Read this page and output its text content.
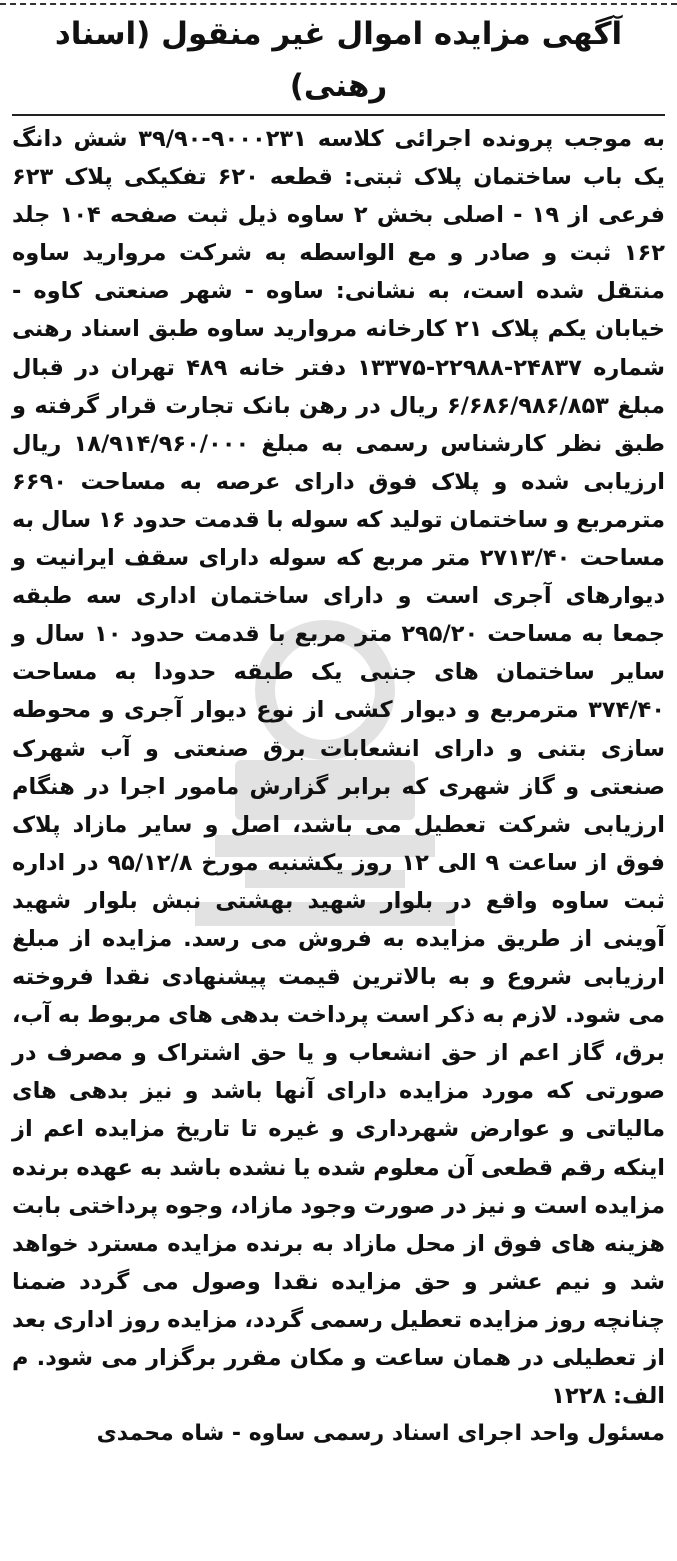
آگهی مزایده اموال غیر منقول (اسناد رهنی)

به موجب پرونده اجرائی کلاسه ۹۰۰۰۲۳۱-۳۹/۹۰ شش دانگ یک باب ساختمان پلاک ثبتی: قطعه ۶۲۰ تفکیکی پلاک ۶۲۳ فرعی از ۱۹ - اصلی بخش ۲ ساوه ذیل ثبت صفحه ۱۰۴ جلد ۱۶۲ ثبت و صادر و مع الواسطه به شرکت مروارید ساوه منتقل شده است، به نشانی: ساوه - شهر صنعتی کاوه - خیابان یکم پلاک ۲۱ کارخانه مروارید ساوه طبق اسناد رهنی شماره ۲۴۸۳۷-۲۲۹۸۸-۱۳۳۷۵ دفتر خانه ۴۸۹ تهران در قبال مبلغ ۶/۶۸۶/۹۸۶/۸۵۳ ریال در رهن بانک تجارت قرار گرفته و طبق نظر کارشناس رسمی به مبلغ ۱۸/۹۱۴/۹۶۰/۰۰۰ ریال ارزیابی شده و پلاک فوق دارای عرصه به مساحت ۶۶۹۰ مترمربع و ساختمان تولید که سوله با قدمت حدود ۱۶ سال به مساحت ۲۷۱۳/۴۰ متر مربع که سوله دارای سقف ایرانیت و دیوارهای آجری است و دارای ساختمان اداری سه طبقه جمعا به مساحت ۲۹۵/۲۰ متر مربع با قدمت حدود ۱۰ سال و سایر ساختمان های جنبی یک طبقه حدودا به مساحت ۳۷۴/۴۰ مترمربع و دیوار کشی از نوع دیوار آجری و محوطه سازی بتنی و دارای انشعابات برق صنعتی و آب شهرک صنعتی و گاز شهری که برابر گزارش مامور اجرا در هنگام ارزیابی شرکت تعطیل می باشد، اصل و سایر مازاد پلاک فوق از ساعت ۹ الی ۱۲ روز یکشنبه مورخ ۹۵/۱۲/۸ در اداره ثبت ساوه واقع در بلوار شهید بهشتی نبش بلوار شهید آوینی از طریق مزایده به فروش می رسد. مزایده از مبلغ ارزیابی شروع و به بالاترین قیمت پیشنهادی نقدا فروخته می شود. لازم به ذکر است پرداخت بدهی های مربوط به آب، برق، گاز اعم از حق انشعاب و یا حق اشتراک و مصرف در صورتی که مورد مزایده دارای آنها باشد و نیز بدهی های مالیاتی و عوارض شهرداری و غیره تا تاریخ مزایده اعم از اینکه رقم قطعی آن معلوم شده یا نشده باشد به عهده برنده مزایده است و نیز در صورت وجود مازاد، وجوه پرداختی بابت هزینه های فوق از محل مازاد به برنده مزایده مسترد خواهد شد و نیم عشر و حق مزایده نقدا وصول می گردد ضمنا چنانچه روز مزایده تعطیل رسمی گردد، مزایده روز اداری بعد از تعطیلی در همان ساعت و مکان مقرر برگزار می شود. م الف: ۱۲۲۸

مسئول واحد اجرای اسناد رسمی ساوه - شاه محمدی
